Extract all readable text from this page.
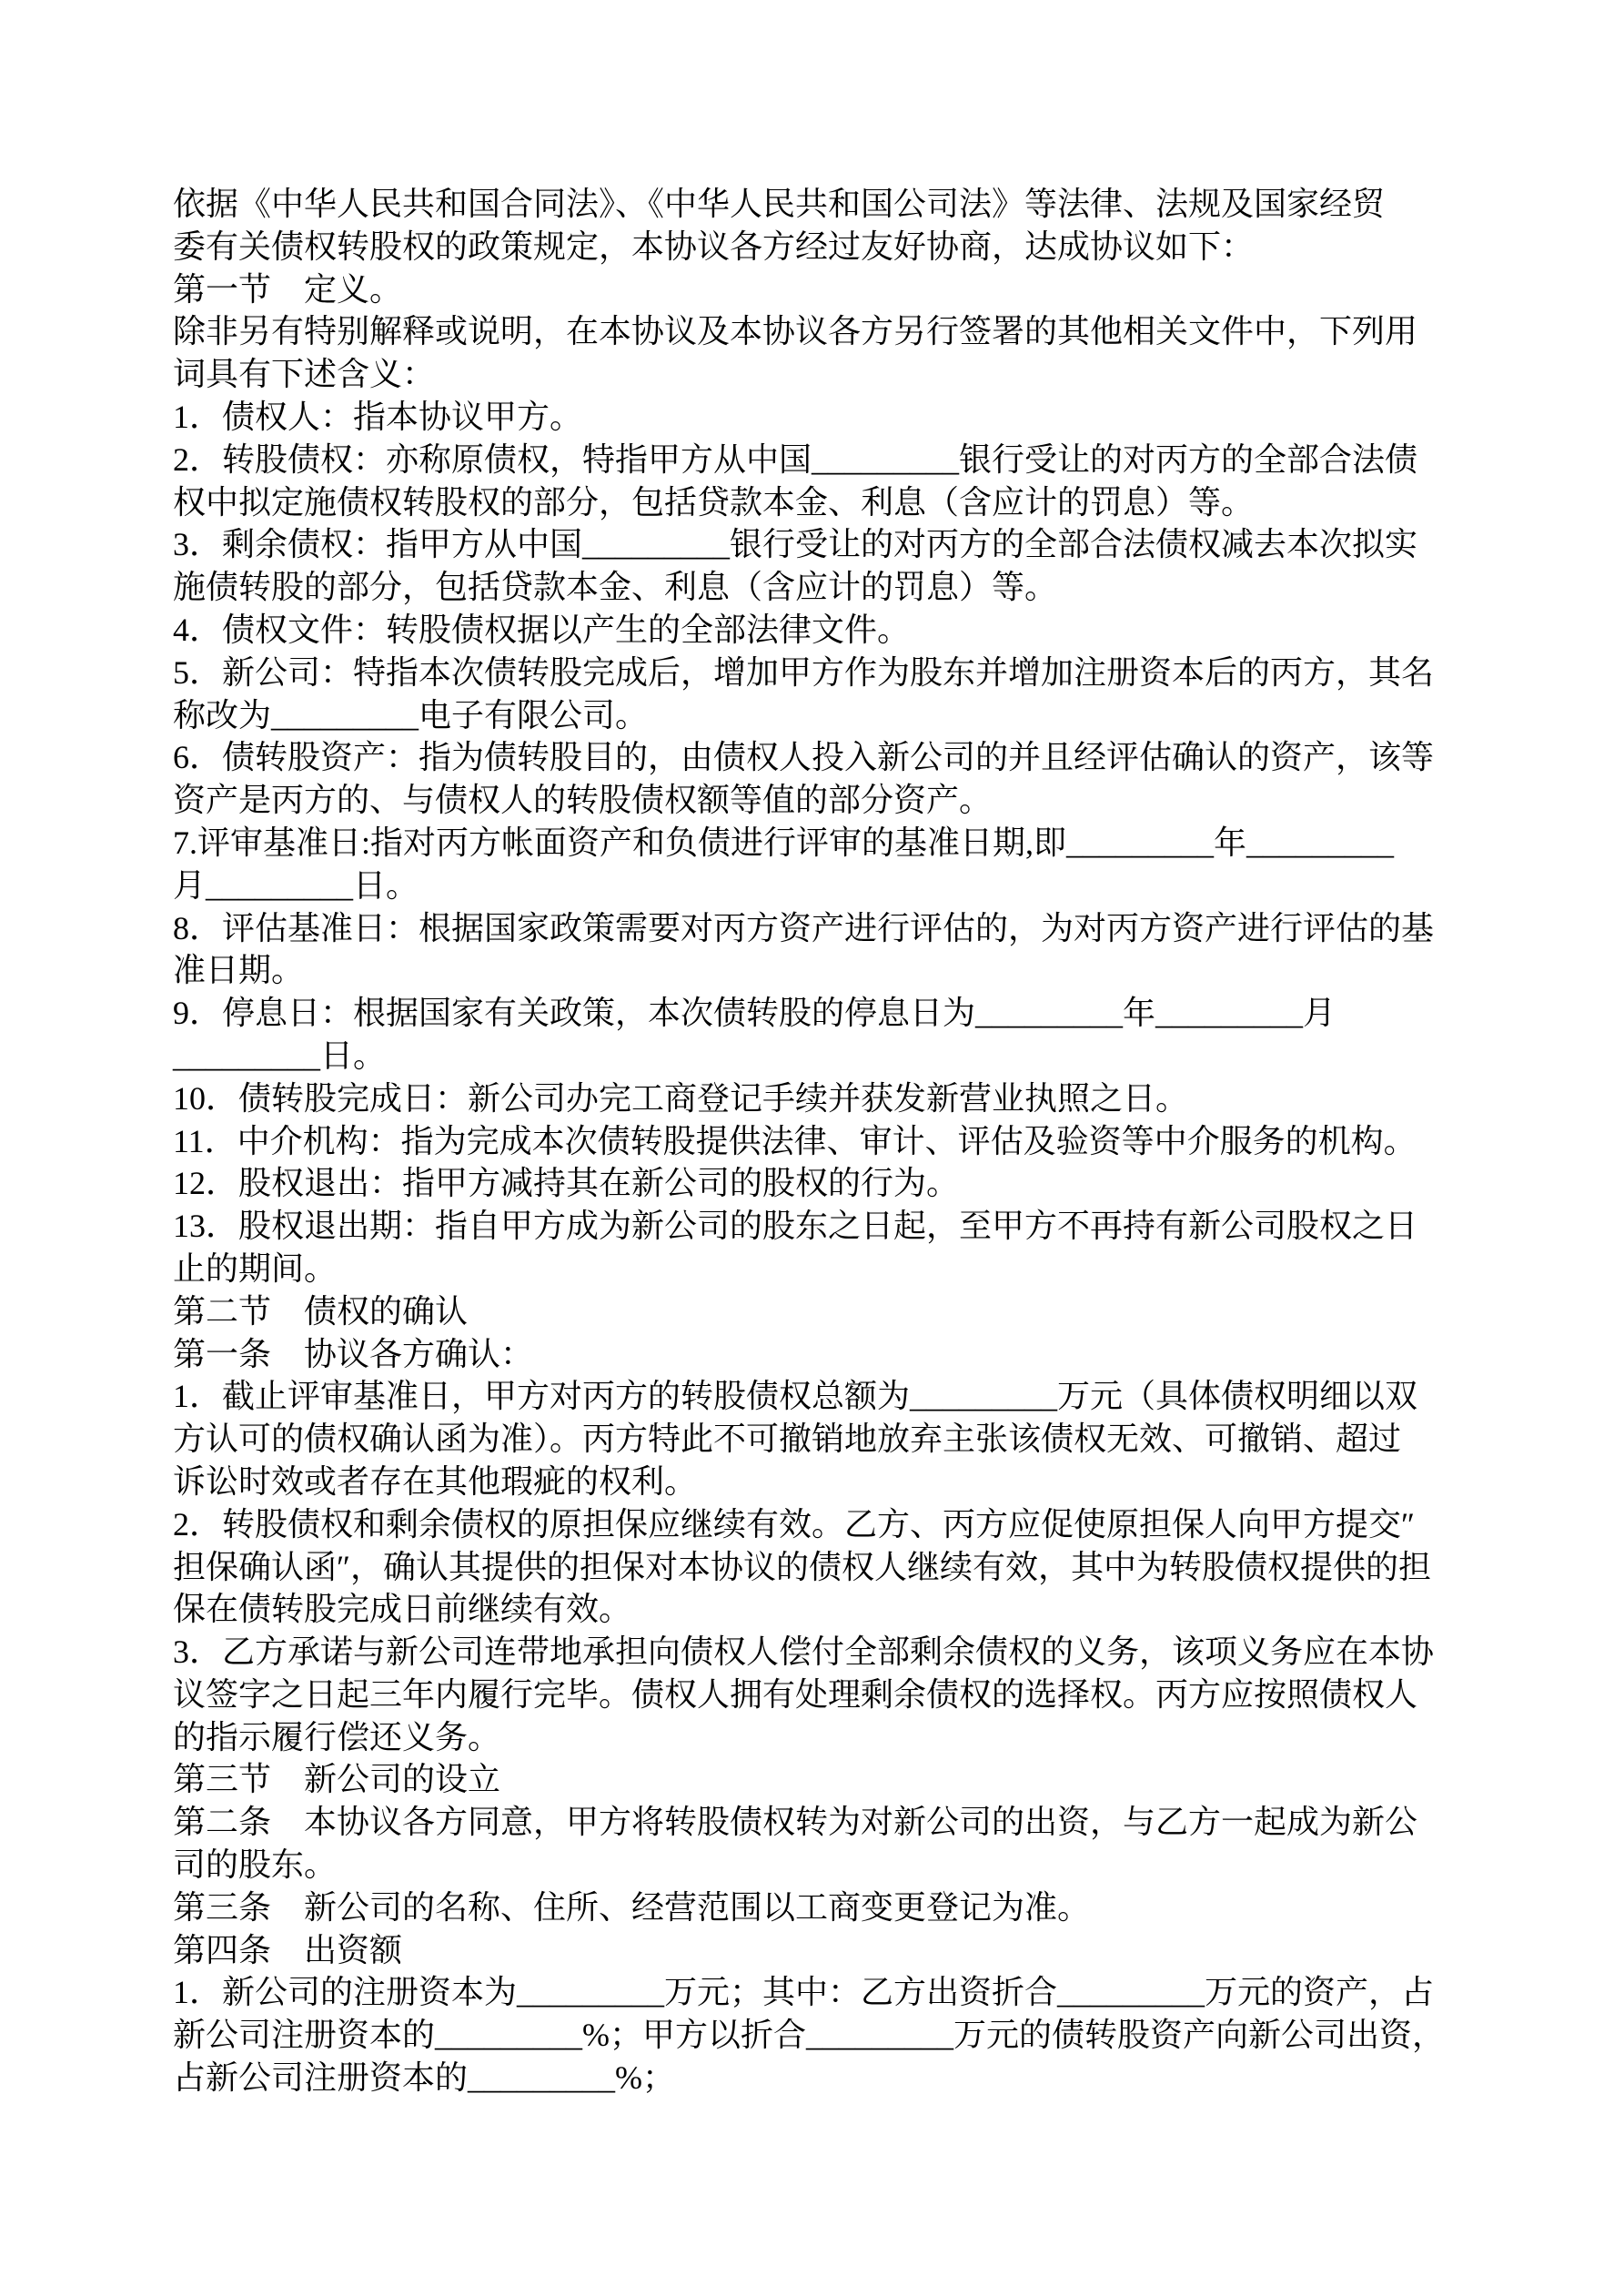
依据《中华人民共和国合同法》、《中华人民共和国公司法》等法律、法规及国家经贸
委有关债权转股权的政策规定，本协议各方经过友好协商，达成协议如下：
第一节　定义。
除非另有特别解释或说明，在本协议及本协议各方另行签署的其他相关文件中，下列用
词具有下述含义：
1．债权人：指本协议甲方。
2．转股债权：亦称原债权，特指甲方从中国_________银行受让的对丙方的全部合法债
权中拟定施债权转股权的部分，包括贷款本金、利息（含应计的罚息）等。
3．剩余债权：指甲方从中国_________银行受让的对丙方的全部合法债权减去本次拟实
施债转股的部分，包括贷款本金、利息（含应计的罚息）等。
4．债权文件：转股债权据以产生的全部法律文件。
5．新公司：特指本次债转股完成后，增加甲方作为股东并增加注册资本后的丙方，其名
称改为_________电子有限公司。
6．债转股资产：指为债转股目的，由债权人投入新公司的并且经评估确认的资产，该等
资产是丙方的、与债权人的转股债权额等值的部分资产。
7.评审基准日:指对丙方帐面资产和负债进行评审的基准日期,即_________年_________
月_________日。
8．评估基准日：根据国家政策需要对丙方资产进行评估的，为对丙方资产进行评估的基
准日期。
9．停息日：根据国家有关政策，本次债转股的停息日为_________年_________月
_________日。
10．债转股完成日：新公司办完工商登记手续并获发新营业执照之日。
11．中介机构：指为完成本次债转股提供法律、审计、评估及验资等中介服务的机构。
12．股权退出：指甲方减持其在新公司的股权的行为。
13．股权退出期：指自甲方成为新公司的股东之日起，至甲方不再持有新公司股权之日
止的期间。
第二节　债权的确认
第一条　协议各方确认：
1．截止评审基准日，甲方对丙方的转股债权总额为_________万元（具体债权明细以双
方认可的债权确认函为准）。丙方特此不可撤销地放弃主张该债权无效、可撤销、超过
诉讼时效或者存在其他瑕疵的权利。
2．转股债权和剩余债权的原担保应继续有效。乙方、丙方应促使原担保人向甲方提交″
担保确认函″，确认其提供的担保对本协议的债权人继续有效，其中为转股债权提供的担
保在债转股完成日前继续有效。
3．乙方承诺与新公司连带地承担向债权人偿付全部剩余债权的义务，该项义务应在本协
议签字之日起三年内履行完毕。债权人拥有处理剩余债权的选择权。丙方应按照债权人
的指示履行偿还义务。
第三节　新公司的设立
第二条　本协议各方同意，甲方将转股债权转为对新公司的出资，与乙方一起成为新公
司的股东。
第三条　新公司的名称、住所、经营范围以工商变更登记为准。
第四条　出资额
1．新公司的注册资本为_________万元；其中：乙方出资折合_________万元的资产，占
新公司注册资本的_________%；甲方以折合_________万元的债转股资产向新公司出资，
占新公司注册资本的_________%；
